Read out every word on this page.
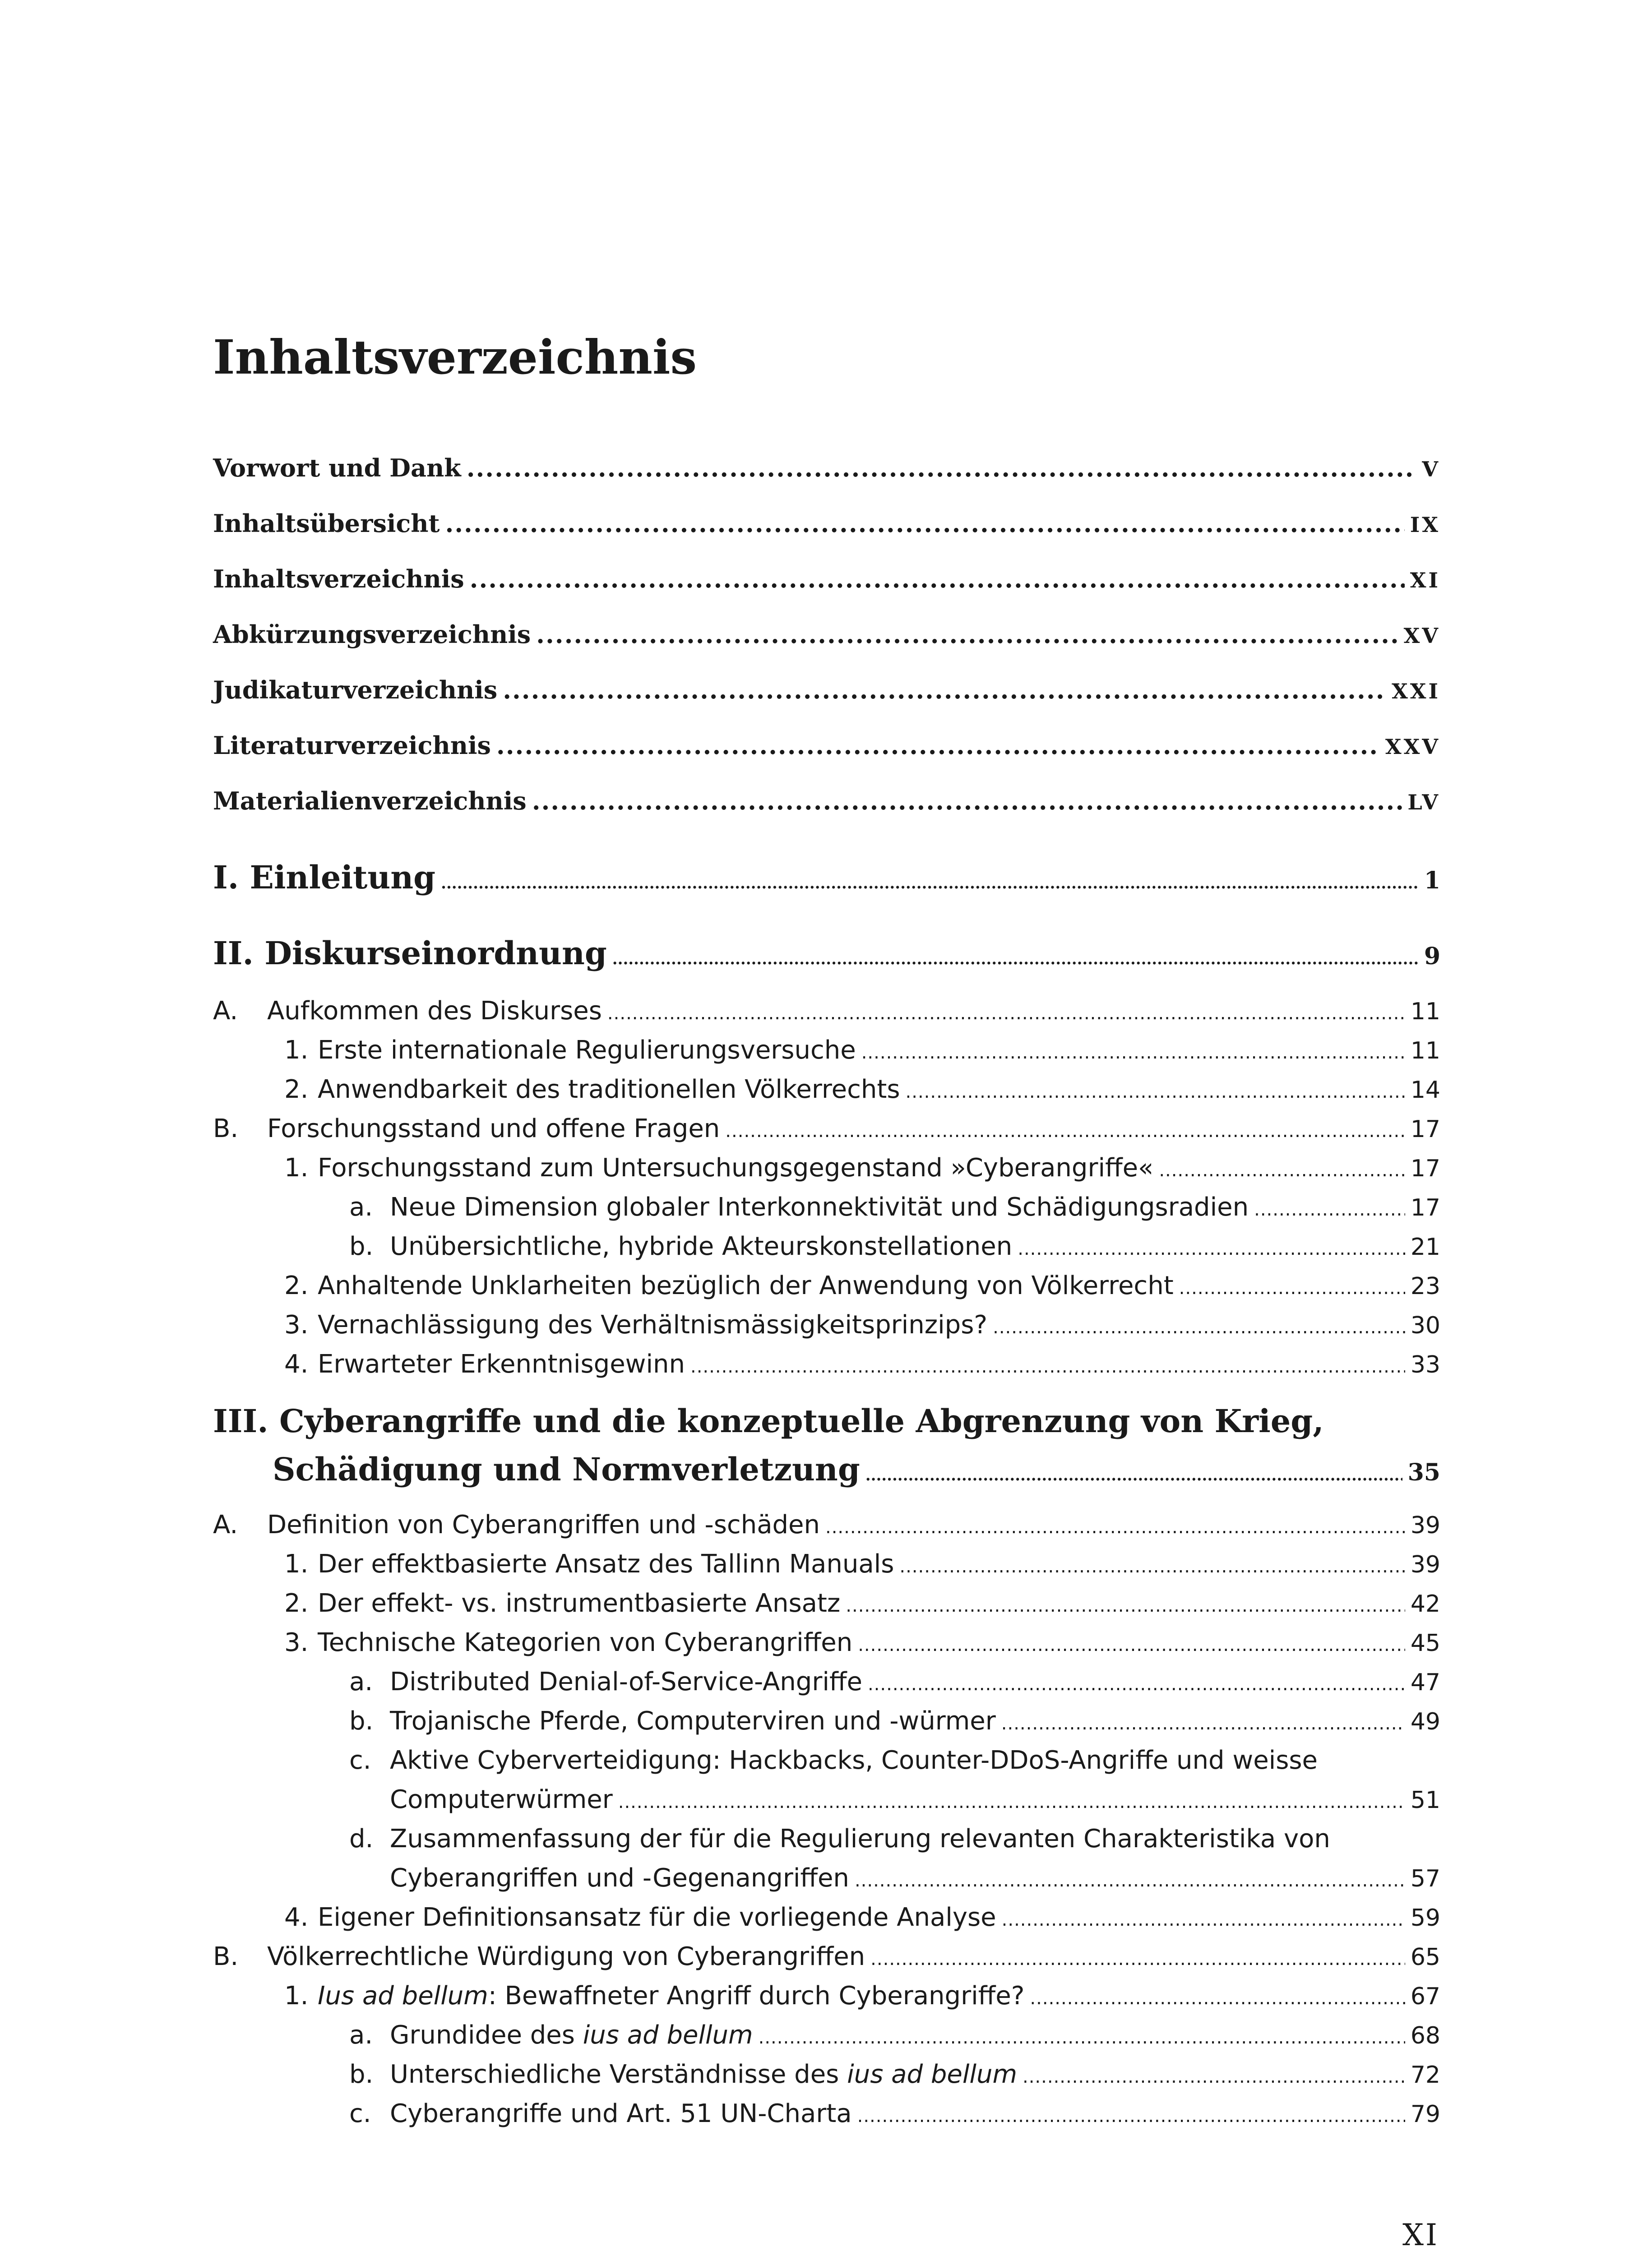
Inhaltsverzeichnis
Vorwort und Dank .....	V
Inhaltsübersicht .....	IX
Inhaltsverzeichnis .....	XI
Abkürzungsverzeichnis .....	XV
Judikaturverzeichnis .....	XXI
Literaturverzeichnis .....	XXV
Materialienverzeichnis .....	LV
I. Einleitung .....	1
II. Diskurseinordnung .....	9
A.	Aufkommen des Diskurses .....	11
1. Erste internationale Regulierungsversuche .....	11
2. Anwendbarkeit des traditionellen Völkerrechts .....	14
B.	Forschungsstand und offene Fragen .....	17
1. Forschungsstand zum Untersuchungsgegenstand »Cyberangriffe« .....	17
a. Neue Dimension globaler Interkonnektivität und Schädigungsradien .....	17
b. Unübersichtliche, hybride Akteurskonstellationen .....	21
2. Anhaltende Unklarheiten bezüglich der Anwendung von Völkerrecht .....	23
3. Vernachlässigung des Verhältnismässigkeitsprinzips? .....	30
4. Erwarteter Erkenntnisgewinn .....	33
III. Cyberangriffe und die konzeptuelle Abgrenzung von Krieg,
Schädigung und Normverletzung .....	35
A.	Definition von Cyberangriffen und -schäden .....	39
1. Der effektbasierte Ansatz des Tallinn Manuals .....	39
2. Der effekt- vs. instrumentbasierte Ansatz .....	42
3. Technische Kategorien von Cyberangriffen .....	45
a. Distributed Denial-of-Service-Angriffe .....	47
b. Trojanische Pferde, Computerviren und -würmer .....	49
c. Aktive Cyberverteidigung: Hackbacks, Counter-DDoS-Angriffe und weisse
Computerwürmer .....	51
d. Zusammenfassung der für die Regulierung relevanten Charakteristika von
Cyberangriffen und -Gegenangriffen .....	57
4. Eigener Definitionsansatz für die vorliegende Analyse .....	59
B.	Völkerrechtliche Würdigung von Cyberangriffen .....	65
1. Ius ad bellum: Bewaffneter Angriff durch Cyberangriffe? .....	67
a. Grundidee des ius ad bellum .....	68
b. Unterschiedliche Verständnisse des ius ad bellum .....	72
c. Cyberangriffe und Art. 51 UN-Charta .....	79
XI
